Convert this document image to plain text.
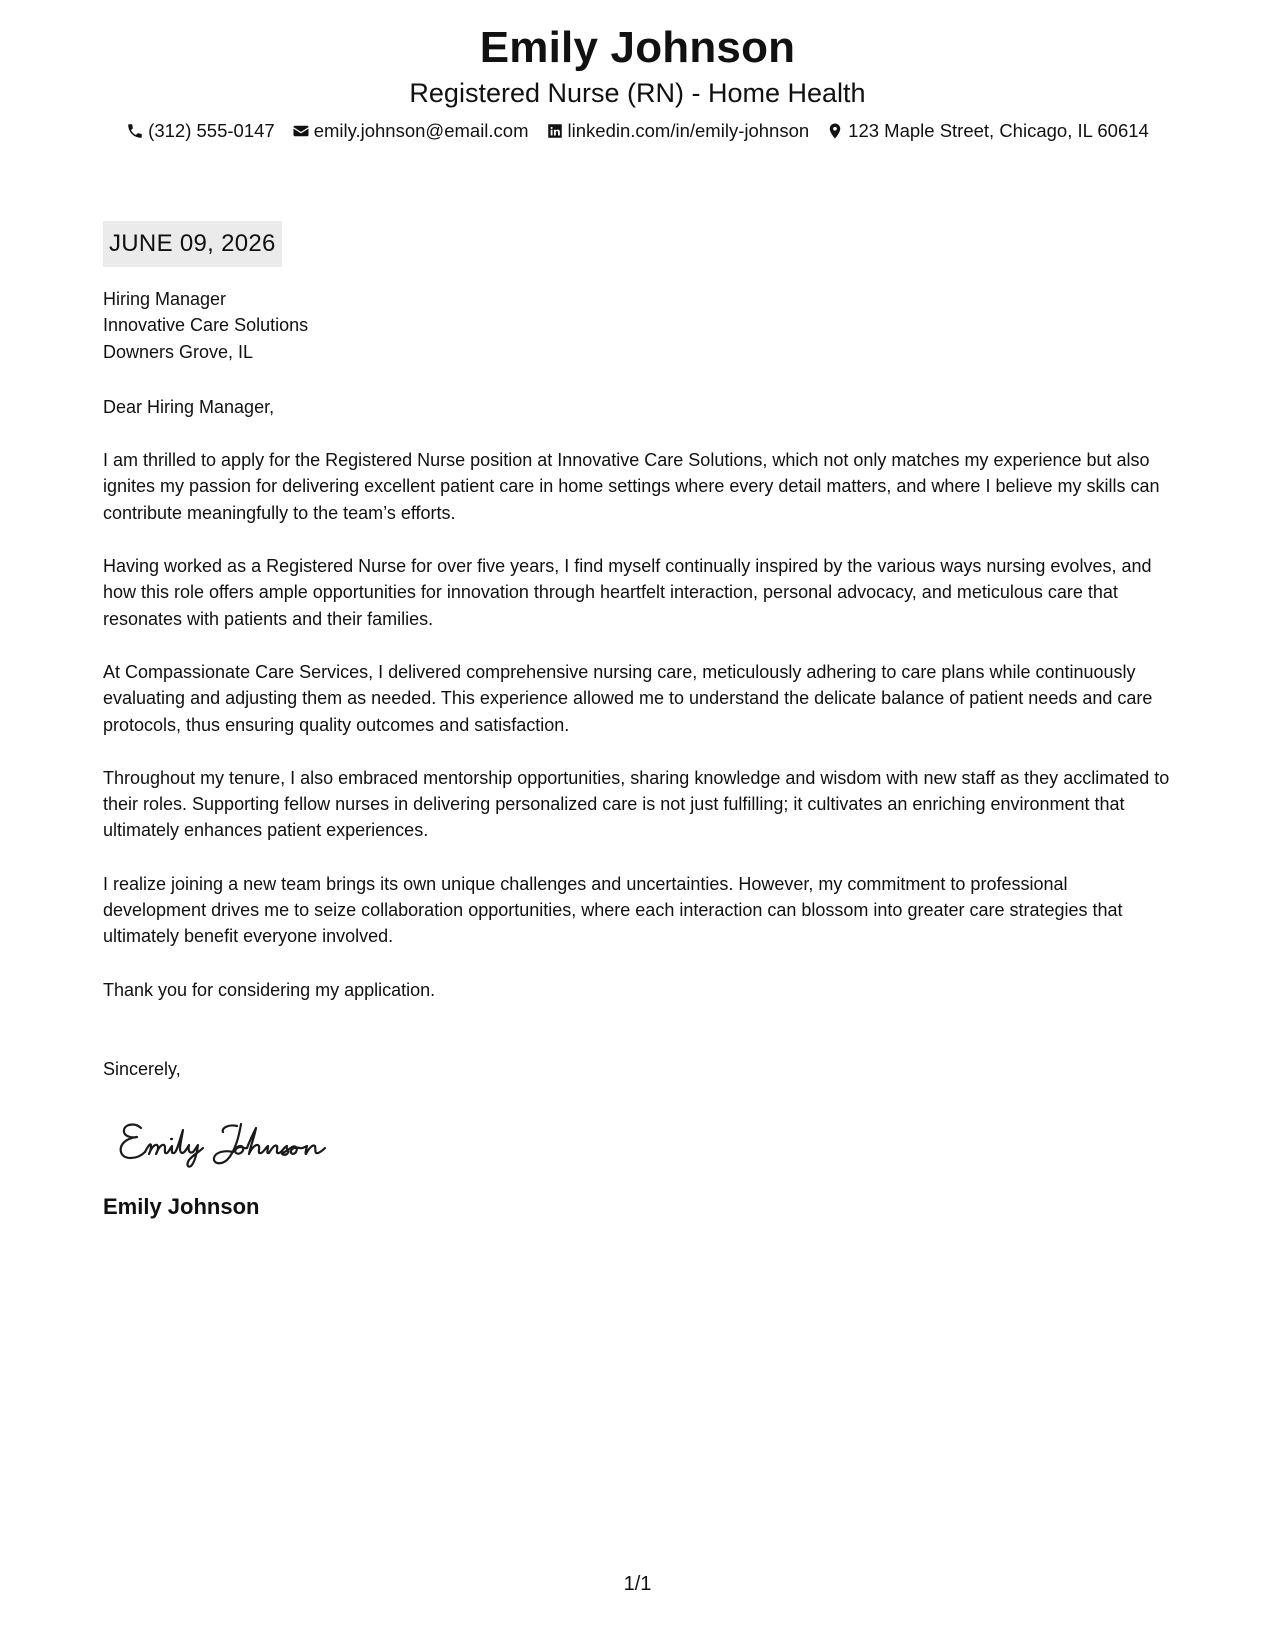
Emily Johnson
Registered Nurse (RN) - Home Health
(312) 555-0147 emily.johnson@email.com linkedin.com/in/emily-johnson 123 Maple Street, Chicago, IL 60614
JUNE 09, 2026
Hiring Manager
Innovative Care Solutions
Downers Grove, IL
Dear Hiring Manager,

I am thrilled to apply for the Registered Nurse position at Innovative Care Solutions, which not only matches my experience but also ignites my passion for delivering excellent patient care in home settings where every detail matters, and where I believe my skills can contribute meaningfully to the team’s efforts.

Having worked as a Registered Nurse for over five years, I find myself continually inspired by the various ways nursing evolves, and how this role offers ample opportunities for innovation through heartfelt interaction, personal advocacy, and meticulous care that resonates with patients and their families.

At Compassionate Care Services, I delivered comprehensive nursing care, meticulously adhering to care plans while continuously evaluating and adjusting them as needed. This experience allowed me to understand the delicate balance of patient needs and care protocols, thus ensuring quality outcomes and satisfaction.

Throughout my tenure, I also embraced mentorship opportunities, sharing knowledge and wisdom with new staff as they acclimated to their roles. Supporting fellow nurses in delivering personalized care is not just fulfilling; it cultivates an enriching environment that ultimately enhances patient experiences.

I realize joining a new team brings its own unique challenges and uncertainties. However, my commitment to professional development drives me to seize collaboration opportunities, where each interaction can blossom into greater care strategies that ultimately benefit everyone involved.

Thank you for considering my application.

Sincerely,
Emily Johnson
1/1
